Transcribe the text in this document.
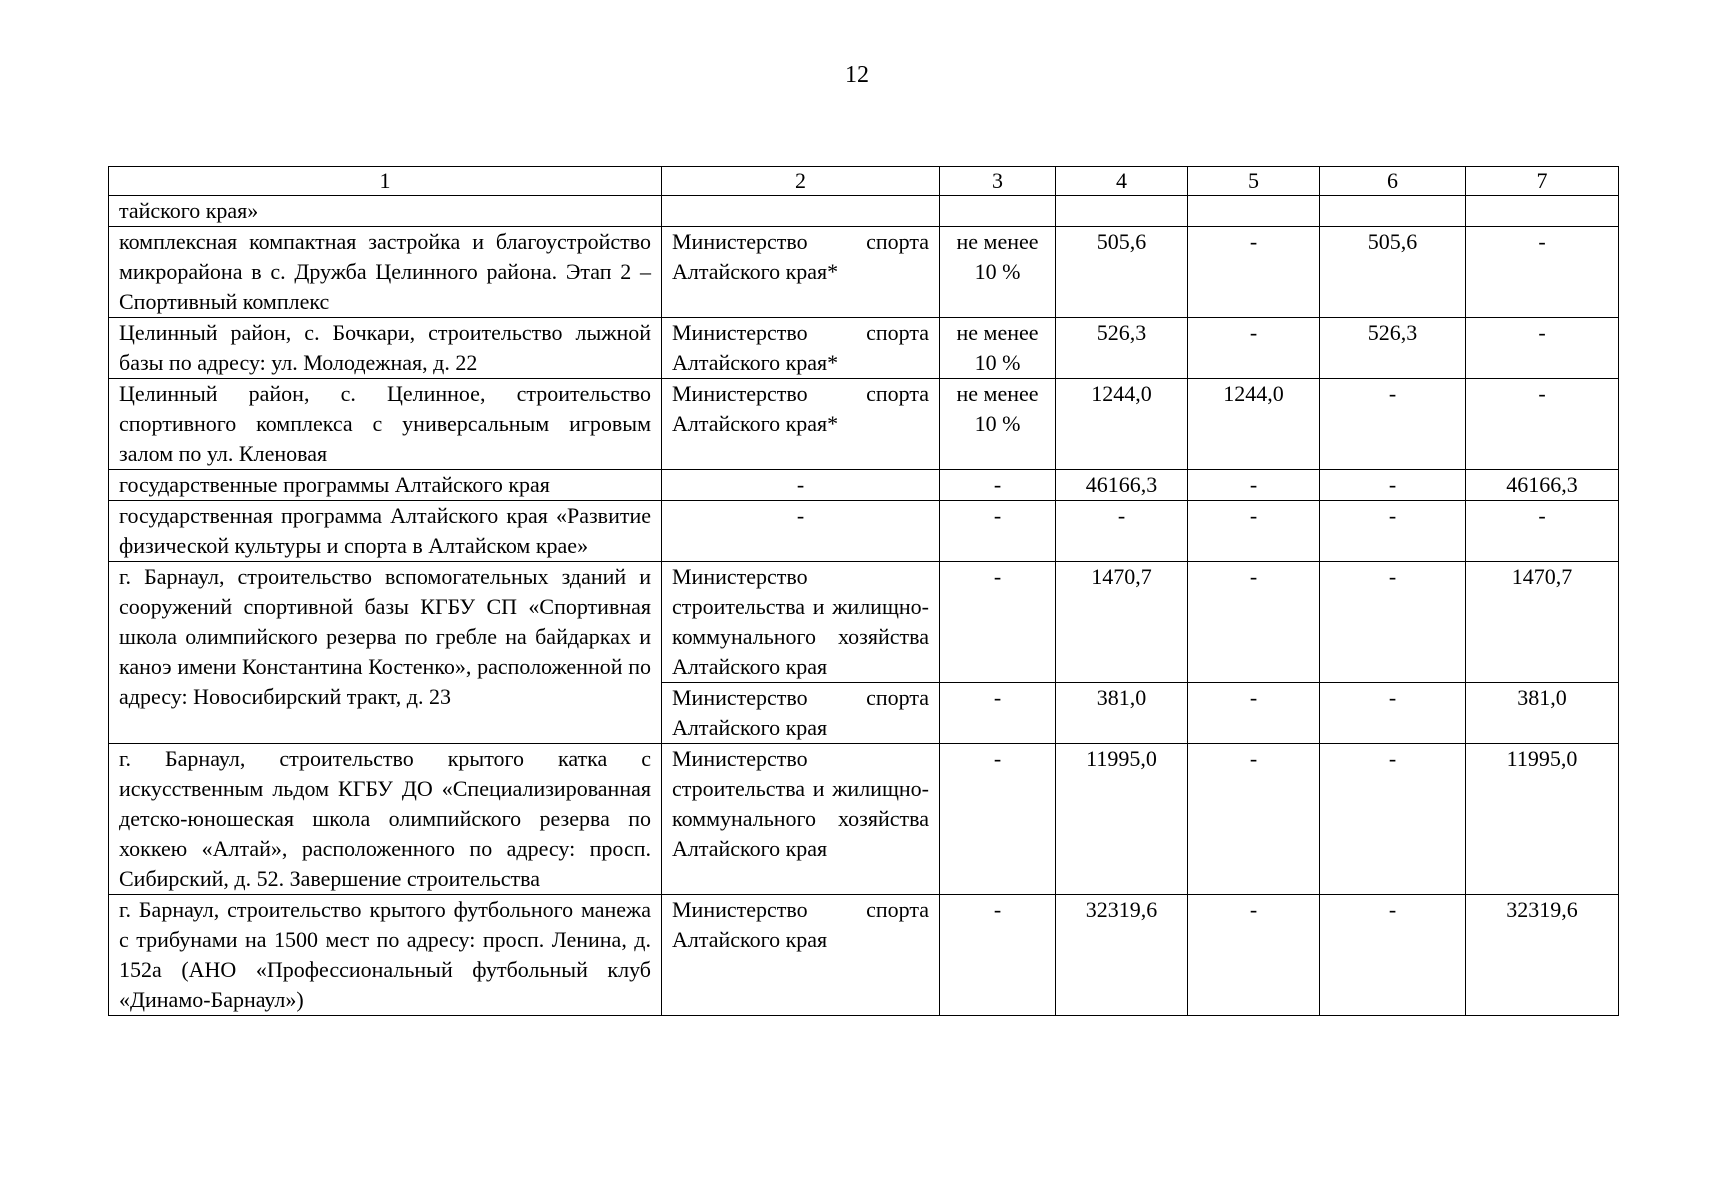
12
1	2	3	4	5	6	7
тайского края»						
комплексная компактная застройка и благоустройство микрорайона в с. Дружба Целинного района. Этап 2 – Спортивный комплекс	Министерство спорта Алтайского края*	не менее 10 %	505,6	-	505,6	-
Целинный район, с. Бочкари, строительство лыжной базы по адресу: ул. Молодежная, д. 22	Министерство спорта Алтайского края*	не менее 10 %	526,3	-	526,3	-
Целинный район, с. Целинное, строительство спортивного комплекса с универсальным игровым залом по ул. Кленовая	Министерство спорта Алтайского края*	не менее 10 %	1244,0	1244,0	-	-
государственные программы Алтайского края	-	-	46166,3	-	-	46166,3
государственная программа Алтайского края «Развитие физической культуры и спорта в Алтайском крае»	-	-	-	-	-	-
г. Барнаул, строительство вспомогательных зданий и сооружений спортивной базы КГБУ СП «Спортивная школа олимпийского резерва по гребле на байдарках и каноэ имени Константина Костенко», расположенной по адресу: Новосибирский тракт, д. 23	Министерство строительства и жилищно-коммунального хозяйства Алтайского края	-	1470,7	-	-	1470,7
	Министерство спорта Алтайского края	-	381,0	-	-	381,0
г. Барнаул, строительство крытого катка с искусственным льдом КГБУ ДО «Специализированная детско-юношеская школа олимпийского резерва по хоккею «Алтай», расположенного по адресу: просп. Сибирский, д. 52. Завершение строительства	Министерство строительства и жилищно-коммунального хозяйства Алтайского края	-	11995,0	-	-	11995,0
г. Барнаул, строительство крытого футбольного манежа с трибунами на 1500 мест по адресу: просп. Ленина, д. 152а (АНО «Профессиональный футбольный клуб «Динамо-Барнаул»)	Министерство спорта Алтайского края	-	32319,6	-	-	32319,6
